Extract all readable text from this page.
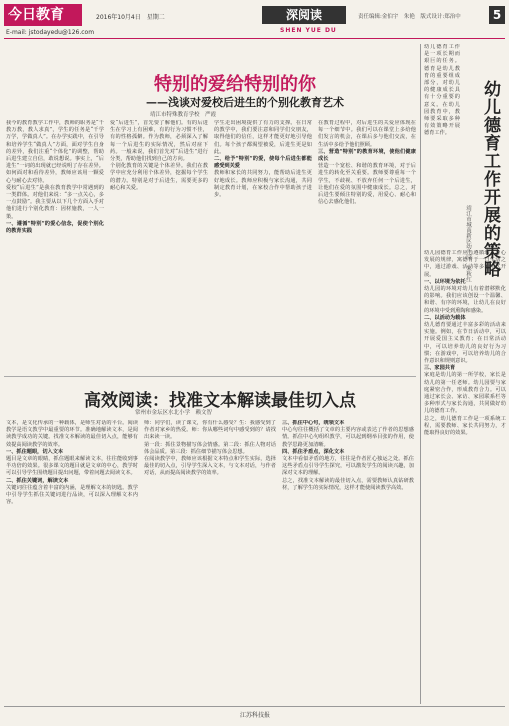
今日教育	2016年10月4日　星期二
E-mail: jstodayedu@126.com
深阅读
SHEN YUE DU
责任编辑:金伯宇　朱艳　版式设计:郑治中	5
特别的爱给特别的你
——浅谈对爱校后进生的个别化教育艺术
靖江市特殊教育学校　严霞
我今的教育教学工作中，教师的职务是“千教万教，教人求真”，学生的任务是“千学万学，学做真人”。在办学实践中，在引导和培养学生“做真人”方面，面对学生自身的差异，我们注重“个体化”的调整，帮助后进生建立自信，敢说想说。事实上，“后进生”一词的出现就已经说明了存在差异。如何面对和看待差异，教师应该用一颗爱心与耐心去对待。
爱校“后进生”是我在教育教学中常遇到的一类群体。对他们来说：“多一点关心，多一点鼓励”。我主要从以下几个方面入手对他们进行个别化教育：因材施教，一人一策。
一、遵循“特别”的爱心信念，促使个别化的教育实践
爱“后进生”，首先要了解他们。有的后进生在学习上有困难，有的行为习惯不佳，有的性格孤僻。作为教师，必须深入了解每一个后进生的实际情况，然后对症下药。一般来说，我们首先对“后进生”进行分类，帮助他们找到自己的方向。
个别化教育的关键是个体差异。我们在教学中应充分利用个体差异，挖掘每个学生的潜力。特别是对于后进生，需要更多的耐心和关爱。
学生走出困境提供了有力的支撑。在日常的教学中，我们要注意和同学们交朋友，取得他们的信任，这样才能更好地引导他们。每个孩子都渴望被爱，后进生更是如此。
二、给予“特别”的爱，使每个后进生都能感受到关爱
教师和家长的共同努力，能帮助后进生更好地成长。教师应积极与家长沟通，共同制定教育计划，在家校合作中帮助孩子进步。
在教育过程中，对后进生的关爱应体现在每一个细节中。我们可以在课堂上多给他们发言的机会，在课后多与他们交流，在生活中多给予他们照顾。
三、营造“特别”的教育环境，使他们健康成长
营造一个宽松、和谐的教育环境，对于后进生的转化至关重要。教师要尊重每一个学生，不歧视、不放弃任何一个后进生，让他们在爱的氛围中健康成长。总之，对后进生要倾注特别的爱，用爱心、耐心和信心去感化他们。
高效阅读：找准文本解读最佳切入点
常州市金坛区水北小学　赖文智
文本，是文化传承的一种载体，是师生对话的平台。阅读教学是语文教学中最重要的环节。准确地解读文本，是阅读教学成功的关键。找准文本解读的最佳切入点，能够有效提高阅读教学的效率。
一、抓住题眼，切入文本
题目是文章的眼睛，抓住题眼来解读文本，往往能收到事半功倍的效果。很多课文的题目就是文章的中心，教学时可以引导学生围绕题目提出问题，带着问题去阅读文本。
二、抓住关键词，解读文本
关键词往往蕴含着丰富的内涵，是理解文本的钥匙。教学中引导学生抓住关键词进行品读，可以深入理解文本内容。
师：同学们，读了课文，你有什么感受？生：我感受到了作者对家乡的热爱。师：你从哪些词句中感受到的？请找出来读一读。
第一段：抓住景物描写体会情感。第二段：抓住人物对话体会品质。第三段：抓住细节描写体会思想。
在阅读教学中，教师应该根据文本特点和学生实际，选择最佳的切入点，引导学生深入文本，与文本对话，与作者对话，从而提高阅读教学的效率。
三、抓住中心句，统领文本
中心句往往概括了文章的主要内容或表达了作者的思想感情。抓住中心句组织教学，可以起到纲举目张的作用，使教学思路更加清晰。
四、抓住矛盾点，深化文本
文本中看似矛盾的地方，往往是作者匠心独运之处。抓住这些矛盾点引导学生探究，可以激发学生的阅读兴趣，加深对文本的理解。
总之，找准文本解读的最佳切入点，需要教师认真钻研教材，了解学生的实际情况，这样才能使阅读教学高效。
幼儿德育工作开展的策略
靖江市城南新区幼儿园　朱秋红
幼儿德育工作是一项长期而艰巨的任务。德育是幼儿教育的重要组成部分，对幼儿的健康成长具有十分重要的意义。在幼儿园教育中，教师要采取多种有效策略开展德育工作。
幼儿园德育工作应当遵循幼儿身心发展的规律，寓德育于一日生活之中，通过游戏、活动等多种形式开展。
一、以环境为依托
幼儿园的环境对幼儿有着潜移默化的影响。我们应该创设一个温馨、和谐、有序的环境，让幼儿在良好的环境中受到熏陶和感染。
二、以活动为载体
幼儿德育要通过丰富多彩的活动来实施。例如，在节日活动中，可以开展爱国主义教育；在日常活动中，可以培养幼儿的良好行为习惯；在游戏中，可以培养幼儿的合作意识和规则意识。
三、家园共育
家庭是幼儿的第一所学校，家长是幼儿的第一任老师。幼儿园要与家庭紧密合作，形成教育合力。可以通过家长会、家访、家园联系栏等多种形式与家长沟通，共同做好幼儿的德育工作。
总之，幼儿德育工作是一项系统工程，需要教师、家长共同努力，才能取得良好的效果。
江苏科技报
